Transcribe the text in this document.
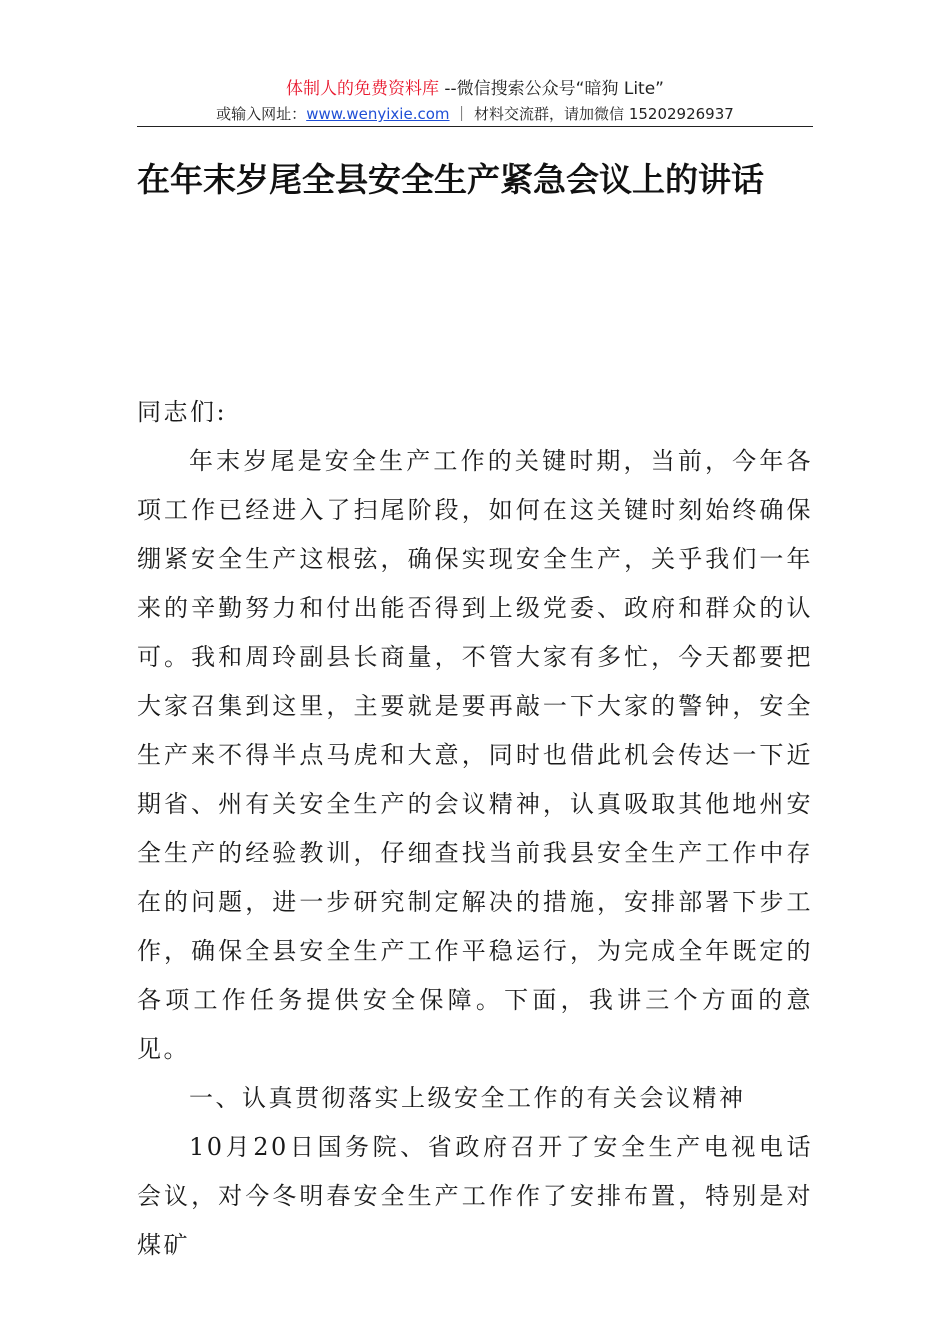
体制人的免费资料库 --微信搜索公众号“暗狗 Lite”
或输入网址：www.wenyixie.com ｜ 材料交流群，请加微信 15202926937
在年末岁尾全县安全生产紧急会议上的讲话

同志们:

年末岁尾是安全生产工作的关键时期，当前，今年各项工作已经进入了扫尾阶段，如何在这关键时刻始终确保绷紧安全生产这根弦，确保实现安全生产，关乎我们一年来的辛勤努力和付出能否得到上级党委、政府和群众的认可。我和周玲副县长商量，不管大家有多忙，今天都要把大家召集到这里，主要就是要再敲一下大家的警钟，安全生产来不得半点马虎和大意，同时也借此机会传达一下近期省、州有关安全生产的会议精神，认真吸取其他地州安全生产的经验教训，仔细查找当前我县安全生产工作中存在的问题，进一步研究制定解决的措施，安排部署下步工作，确保全县安全生产工作平稳运行，为完成全年既定的各项工作任务提供安全保障。下面，我讲三个方面的意见。

一、认真贯彻落实上级安全工作的有关会议精神

10月20日国务院、省政府召开了安全生产电视电话会议，对今冬明春安全生产工作作了安排布置，特别是对煤矿
